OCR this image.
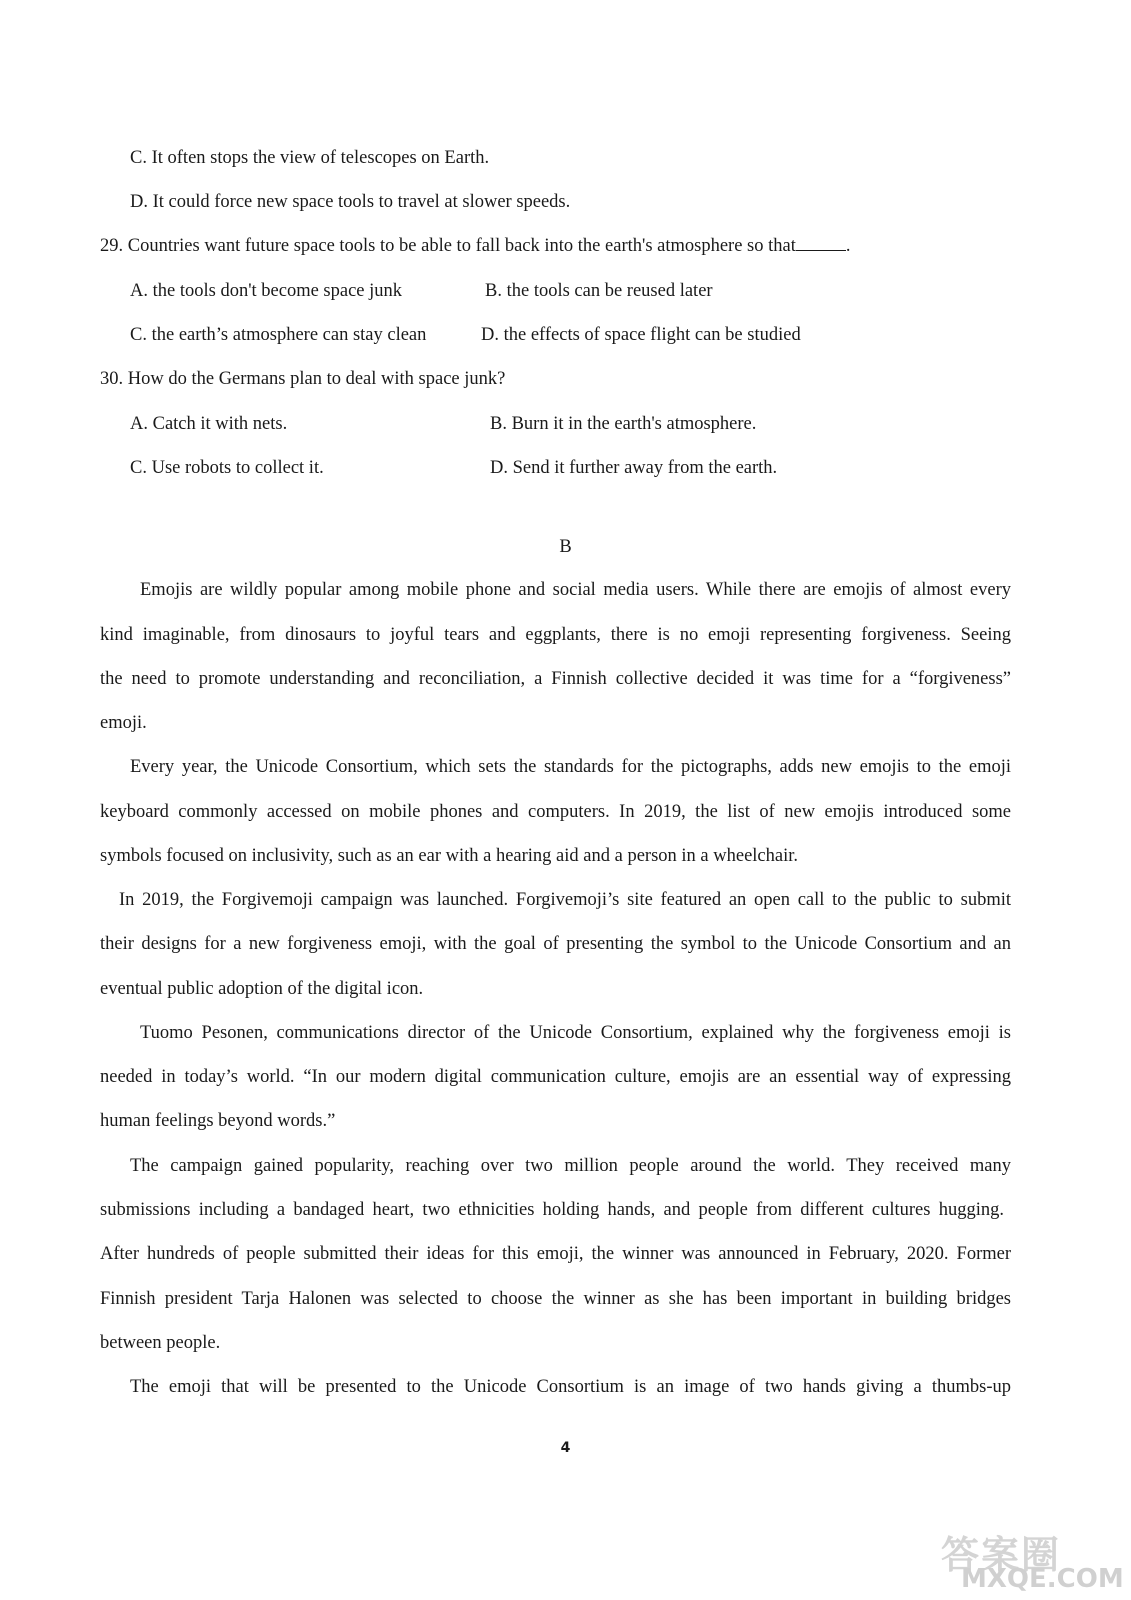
C. It often stops the view of telescopes on Earth.
D. It could force new space tools to travel at slower speeds.
29. Countries want future space tools to be able to fall back into the earth's atmosphere so that	.
A. the tools don't become space junk	B. the tools can be reused later
C. the earth’s atmosphere can stay clean	D. the effects of space flight can be studied
30. How do the Germans plan to deal with space junk?
A. Catch it with nets.	B. Burn it in the earth's atmosphere.
C. Use robots to collect it.	D. Send it further away from the earth.
B
Emojis are wildly popular among mobile phone and social media users. While there are emojis of almost every
kind imaginable, from dinosaurs to joyful tears and eggplants, there is no emoji representing forgiveness. Seeing
the need to promote understanding and reconciliation, a Finnish collective decided it was time for a “forgiveness”
emoji.
Every year, the Unicode Consortium, which sets the standards for the pictographs, adds new emojis to the emoji
keyboard commonly accessed on mobile phones and computers. In 2019, the list of new emojis introduced some
symbols focused on inclusivity, such as an ear with a hearing aid and a person in a wheelchair.
In 2019, the Forgivemoji campaign was launched. Forgivemoji’s site featured an open call to the public to submit
their designs for a new forgiveness emoji, with the goal of presenting the symbol to the Unicode Consortium and an
eventual public adoption of the digital icon.
Tuomo Pesonen, communications director of the Unicode Consortium, explained why the forgiveness emoji is
needed in today’s world. “In our modern digital communication culture, emojis are an essential way of expressing
human feelings beyond words.”
The campaign gained popularity, reaching over two million people around the world. They received many
submissions including a bandaged heart, two ethnicities holding hands, and people from different cultures hugging.
After hundreds of people submitted their ideas for this emoji, the winner was announced in February, 2020. Former
Finnish president Tarja Halonen was selected to choose the winner as she has been important in building bridges
between people.
The emoji that will be presented to the Unicode Consortium is an image of two hands giving a thumbs-up
4
答案圈
MXQE.COM
